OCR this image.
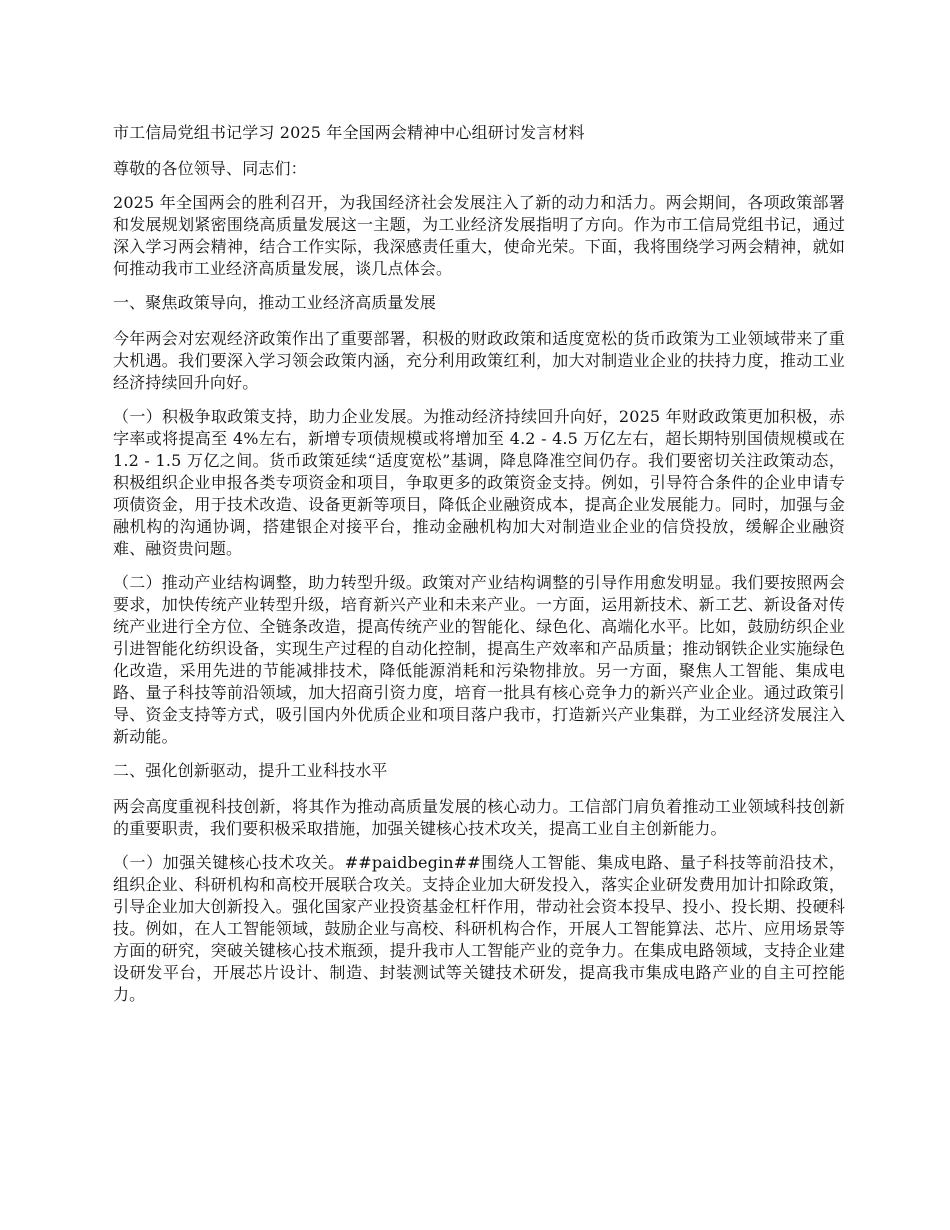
市工信局党组书记学习 2025 年全国两会精神中心组研讨发言材料

尊敬的各位领导、同志们：

2025 年全国两会的胜利召开，为我国经济社会发展注入了新的动力和活力。两会期间，各项政策部署和发展规划紧密围绕高质量发展这一主题，为工业经济发展指明了方向。作为市工信局党组书记，通过深入学习两会精神，结合工作实际，我深感责任重大，使命光荣。下面，我将围绕学习两会精神，就如何推动我市工业经济高质量发展，谈几点体会。

一、聚焦政策导向，推动工业经济高质量发展

今年两会对宏观经济政策作出了重要部署，积极的财政政策和适度宽松的货币政策为工业领域带来了重大机遇。我们要深入学习领会政策内涵，充分利用政策红利，加大对制造业企业的扶持力度，推动工业经济持续回升向好。

（一）积极争取政策支持，助力企业发展。为推动经济持续回升向好，2025 年财政政策更加积极，赤字率或将提高至 4%左右，新增专项债规模或将增加至 4.2 - 4.5 万亿左右，超长期特别国债规模或在 1.2 - 1.5 万亿之间。货币政策延续“适度宽松”基调，降息降准空间仍存。我们要密切关注政策动态，积极组织企业申报各类专项资金和项目，争取更多的政策资金支持。例如，引导符合条件的企业申请专项债资金，用于技术改造、设备更新等项目，降低企业融资成本，提高企业发展能力。同时，加强与金融机构的沟通协调，搭建银企对接平台，推动金融机构加大对制造业企业的信贷投放，缓解企业融资难、融资贵问题。

（二）推动产业结构调整，助力转型升级。政策对产业结构调整的引导作用愈发明显。我们要按照两会要求，加快传统产业转型升级，培育新兴产业和未来产业。一方面，运用新技术、新工艺、新设备对传统产业进行全方位、全链条改造，提高传统产业的智能化、绿色化、高端化水平。比如，鼓励纺织企业引进智能化纺织设备，实现生产过程的自动化控制，提高生产效率和产品质量；推动钢铁企业实施绿色化改造，采用先进的节能减排技术，降低能源消耗和污染物排放。另一方面，聚焦人工智能、集成电路、量子科技等前沿领域，加大招商引资力度，培育一批具有核心竞争力的新兴产业企业。通过政策引导、资金支持等方式，吸引国内外优质企业和项目落户我市，打造新兴产业集群，为工业经济发展注入新动能。

二、强化创新驱动，提升工业科技水平

两会高度重视科技创新，将其作为推动高质量发展的核心动力。工信部门肩负着推动工业领域科技创新的重要职责，我们要积极采取措施，加强关键核心技术攻关，提高工业自主创新能力。

（一）加强关键核心技术攻关。##paidbegin##围绕人工智能、集成电路、量子科技等前沿技术，组织企业、科研机构和高校开展联合攻关。支持企业加大研发投入，落实企业研发费用加计扣除政策，引导企业加大创新投入。强化国家产业投资基金杠杆作用，带动社会资本投早、投小、投长期、投硬科技。例如，在人工智能领域，鼓励企业与高校、科研机构合作，开展人工智能算法、芯片、应用场景等方面的研究，突破关键核心技术瓶颈，提升我市人工智能产业的竞争力。在集成电路领域，支持企业建设研发平台，开展芯片设计、制造、封装测试等关键技术研发，提高我市集成电路产业的自主可控能力。
